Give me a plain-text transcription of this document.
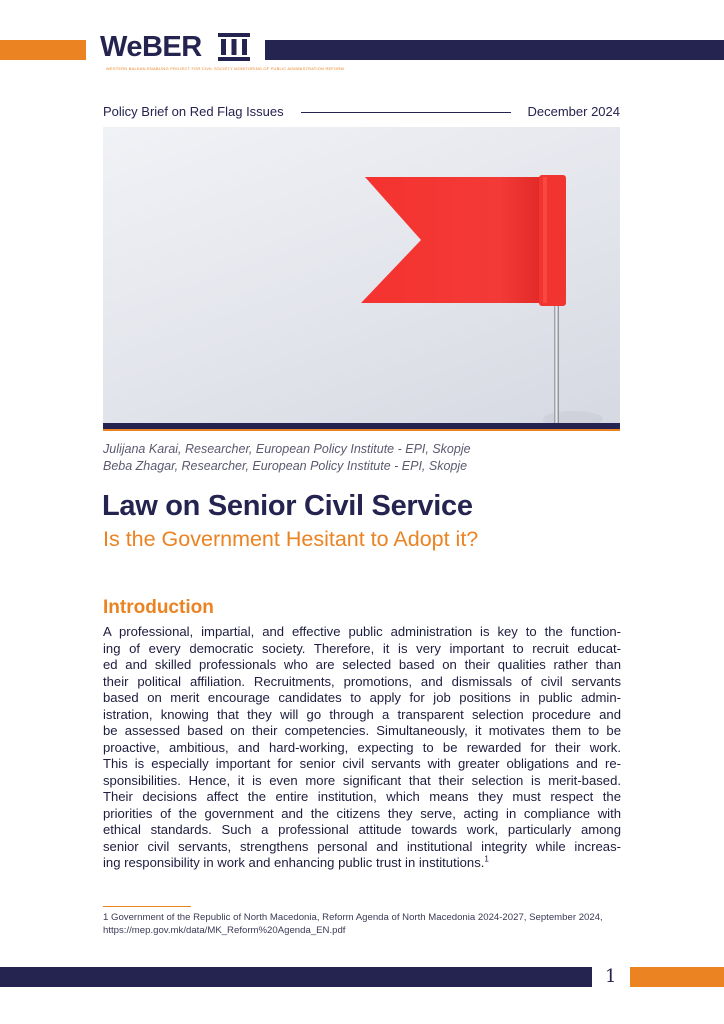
WeBER
WESTERN BALKAN ENABLING PROJECT FOR CIVIL SOCIETY MONITORING OF PUBLIC ADMINISTRATION REFORM
Policy Brief on Red Flag Issues	December 2024
Julijana Karai, Researcher, European Policy Institute - EPI, Skopje
Beba Zhagar, Researcher, European Policy Institute - EPI, Skopje
Law on Senior Civil Service
Is the Government Hesitant to Adopt it?
Introduction
A professional, impartial, and effective public administration is key to the function-
ing of every democratic society. Therefore, it is very important to recruit educat-
ed and skilled professionals who are selected based on their qualities rather than
their political affiliation. Recruitments, promotions, and dismissals of civil servants
based on merit encourage candidates to apply for job positions in public admin-
istration, knowing that they will go through a transparent selection procedure and
be assessed based on their competencies. Simultaneously, it motivates them to be
proactive, ambitious, and hard-working, expecting to be rewarded for their work.
This is especially important for senior civil servants with greater obligations and re-
sponsibilities. Hence, it is even more significant that their selection is merit-based.
Their decisions affect the entire institution, which means they must respect the
priorities of the government and the citizens they serve, acting in compliance with
ethical standards. Such a professional attitude towards work, particularly among
senior civil servants, strengthens personal and institutional integrity while increas-
ing responsibility in work and enhancing public trust in institutions.$^1$
1 Government of the Republic of North Macedonia, Reform Agenda of North Macedonia 2024-2027, September 2024, https://mep.gov.mk/data/MK_Reform%20Agenda_EN.pdf
1
